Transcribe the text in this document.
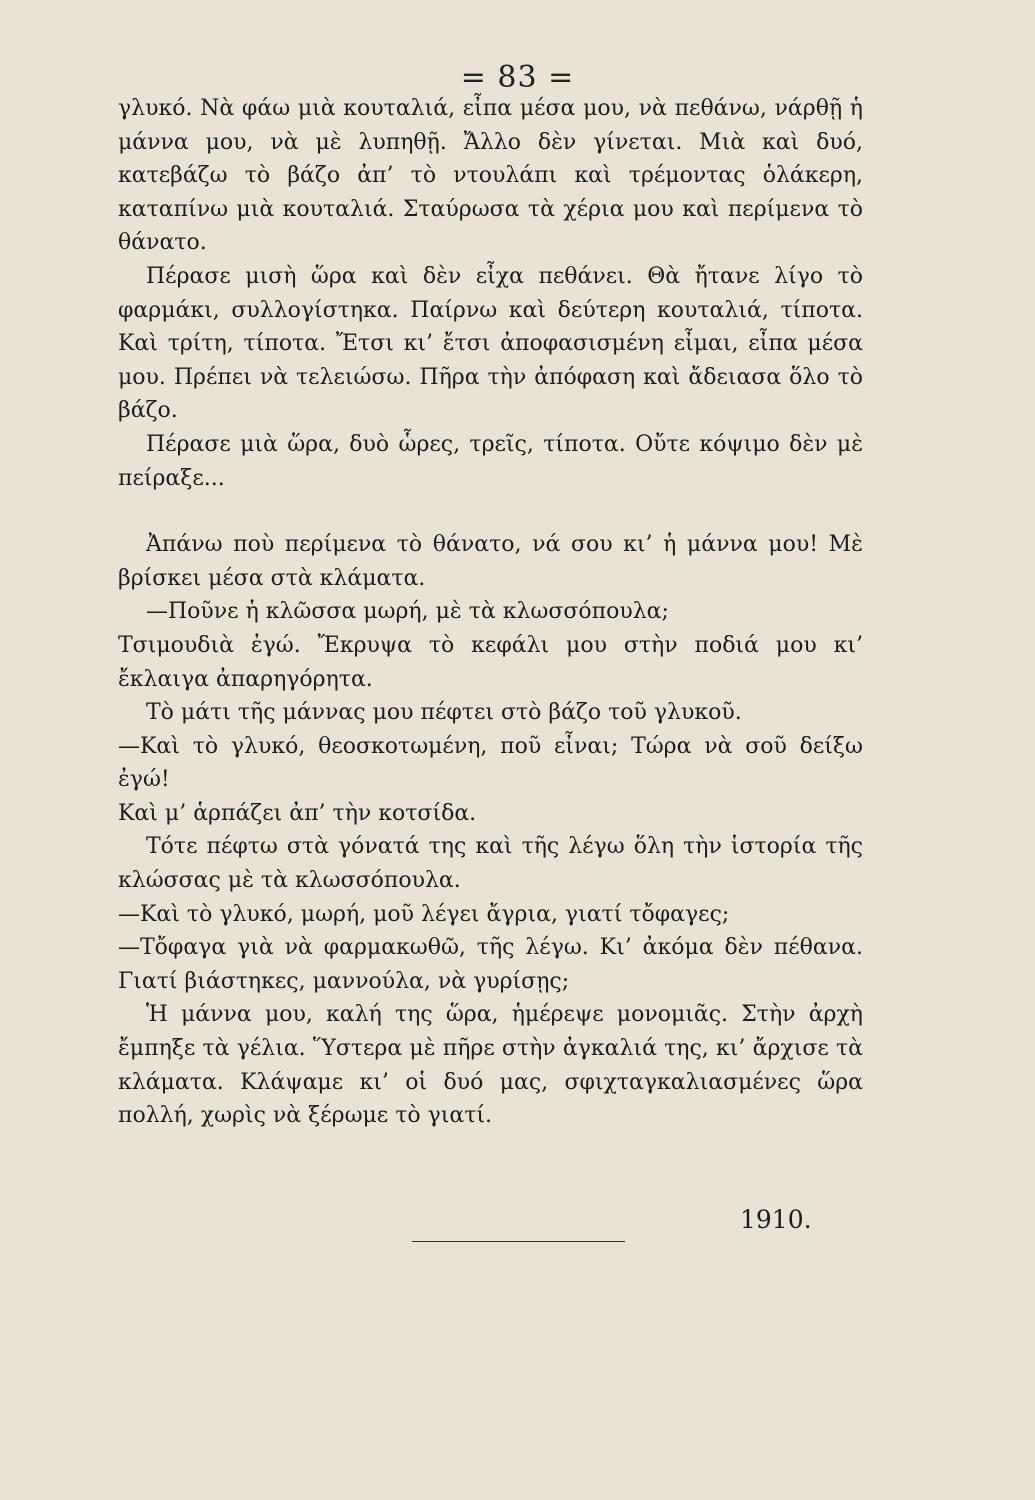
= 83 =

γλυκό. Νὰ φάω μιὰ κουταλιά, εἶπα μέσα μου, νὰ πεθάνω, νάρθῇ ἡ μάννα μου, νὰ μὲ λυπηθῇ. Ἄλλο δὲν γίνεται. Μιὰ καὶ δυό, κατεβάζω τὸ βάζο ἀπ’ τὸ ντουλάπι καὶ τρέμοντας ὁλάκερη, καταπίνω μιὰ κουταλιά. Σταύρωσα τὰ χέρια μου καὶ περίμενα τὸ θάνατο.

Πέρασε μισὴ ὥρα καὶ δὲν εἶχα πεθάνει. Θὰ ἤτανε λίγο τὸ φαρμάκι, συλλογίστηκα. Παίρνω καὶ δεύτερη κουταλιά, τίποτα. Καὶ τρίτη, τίποτα. Ἔτσι κι’ ἔτσι ἀποφασισμένη εἶμαι, εἶπα μέσα μου. Πρέπει νὰ τελειώσω. Πῆρα τὴν ἀπόφαση καὶ ἄδειασα ὅλο τὸ βάζο.

Πέρασε μιὰ ὥρα, δυὸ ὧρες, τρεῖς, τίποτα. Οὔτε κόψιμο δὲν μὲ πείραξε...

Ἀπάνω ποὺ περίμενα τὸ θάνατο, νά σου κι’ ἡ μάννα μου! Μὲ βρίσκει μέσα στὰ κλάματα.

—Ποῦνε ἡ κλῶσσα μωρή, μὲ τὰ κλωσσόπουλα;

Τσιμουδιὰ ἐγώ. Ἔκρυψα τὸ κεφάλι μου στὴν ποδιά μου κι’ ἔκλαιγα ἀπαρηγόρητα.

Τὸ μάτι τῆς μάννας μου πέφτει στὸ βάζο τοῦ γλυκοῦ.

—Καὶ τὸ γλυκό, θεοσκοτωμένη, ποῦ εἶναι; Τώρα νὰ σοῦ δείξω ἐγώ!

Καὶ μ’ ἁρπάζει ἀπ’ τὴν κοτσίδα.

Τότε πέφτω στὰ γόνατά της καὶ τῆς λέγω ὅλη τὴν ἱστορία τῆς κλώσσας μὲ τὰ κλωσσόπουλα.

—Καὶ τὸ γλυκό, μωρή, μοῦ λέγει ἄγρια, γιατί τὄφαγες;

—Τὄφαγα γιὰ νὰ φαρμακωθῶ, τῆς λέγω. Κι’ ἀκόμα δὲν πέθανα. Γιατί βιάστηκες, μαννούλα, νὰ γυρίσῃς;

Ἡ μάννα μου, καλή της ὥρα, ἡμέρεψε μονομιᾶς. Στὴν ἀρχὴ ἔμπηξε τὰ γέλια. Ὕστερα μὲ πῆρε στὴν ἀγκαλιά της, κι’ ἄρχισε τὰ κλάματα. Κλάψαμε κι’ οἱ δυό μας, σφιχταγκαλιασμένες ὥρα πολλή, χωρὶς νὰ ξέρωμε τὸ γιατί.

1910.
